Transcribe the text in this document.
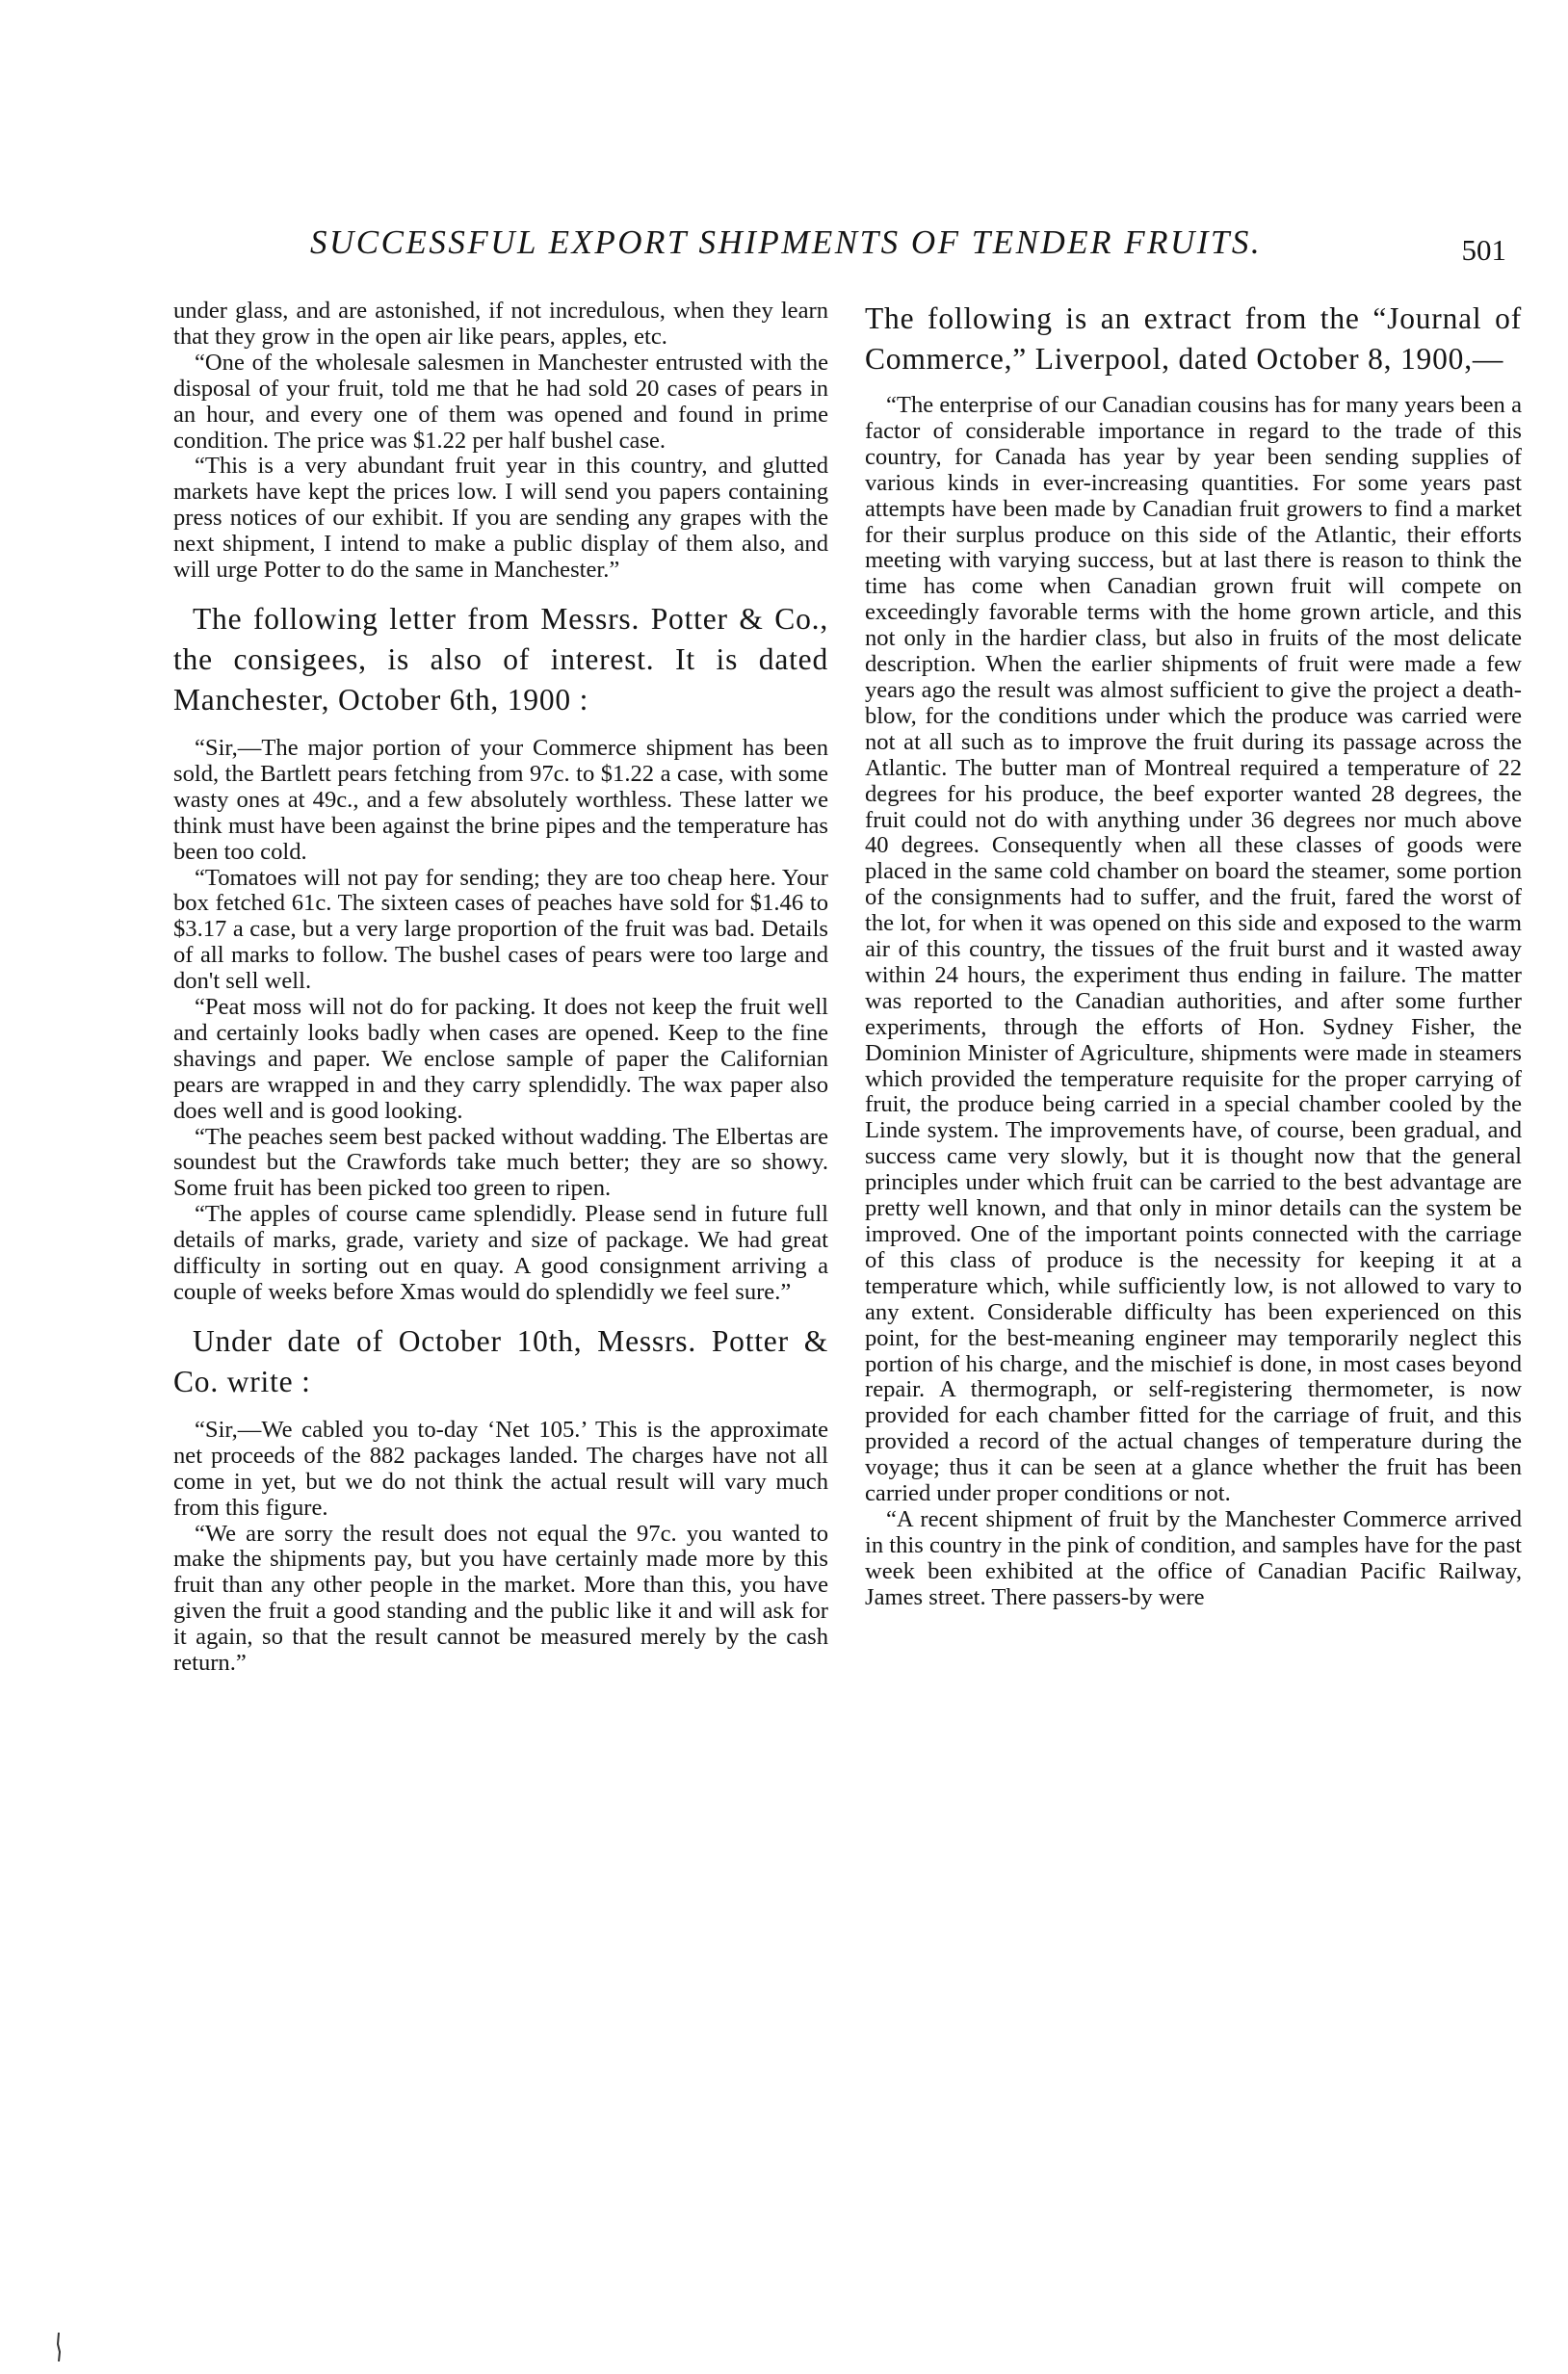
SUCCESSFUL EXPORT SHIPMENTS OF TENDER FRUITS.	501

under glass, and are astonished, if not incredulous, when they learn that they grow in the open air like pears, apples, etc.

“One of the wholesale salesmen in Manchester entrusted with the disposal of your fruit, told me that he had sold 20 cases of pears in an hour, and every one of them was opened and found in prime condition. The price was $1.22 per half bushel case.

“This is a very abundant fruit year in this country, and glutted markets have kept the prices low. I will send you papers containing press notices of our exhibit. If you are sending any grapes with the next shipment, I intend to make a public display of them also, and will urge Potter to do the same in Manchester.”

The following letter from Messrs. Potter & Co., the consigees, is also of interest. It is dated Manchester, October 6th, 1900 :

“Sir,—The major portion of your Commerce shipment has been sold, the Bartlett pears fetching from 97c. to $1.22 a case, with some wasty ones at 49c., and a few absolutely worthless. These latter we think must have been against the brine pipes and the temperature has been too cold.

“Tomatoes will not pay for sending; they are too cheap here. Your box fetched 61c. The sixteen cases of peaches have sold for $1.46 to $3.17 a case, but a very large proportion of the fruit was bad. Details of all marks to follow. The bushel cases of pears were too large and don't sell well.

“Peat moss will not do for packing. It does not keep the fruit well and certainly looks badly when cases are opened. Keep to the fine shavings and paper. We enclose sample of paper the Californian pears are wrapped in and they carry splendidly. The wax paper also does well and is good looking.

“The peaches seem best packed without wadding. The Elbertas are soundest but the Crawfords take much better; they are so showy. Some fruit has been picked too green to ripen.

“The apples of course came splendidly. Please send in future full details of marks, grade, variety and size of package. We had great difficulty in sorting out en quay. A good consignment arriving a couple of weeks before Xmas would do splendidly we feel sure.”

Under date of October 10th, Messrs. Potter & Co. write :

“Sir,—We cabled you to-day ‘Net 105.’ This is the approximate net proceeds of the 882 packages landed. The charges have not all come in yet, but we do not think the actual result will vary much from this figure.

“We are sorry the result does not equal the 97c. you wanted to make the shipments pay, but you have certainly made more by this fruit than any other people in the market. More than this, you have given the fruit a good standing and the public like it and will ask for it again, so that the result cannot be measured merely by the cash return.”

The following is an extract from the “Journal of Commerce,” Liverpool, dated October 8, 1900,—

“The enterprise of our Canadian cousins has for many years been a factor of considerable importance in regard to the trade of this country, for Canada has year by year been sending supplies of various kinds in ever-increasing quantities. For some years past attempts have been made by Canadian fruit growers to find a market for their surplus produce on this side of the Atlantic, their efforts meeting with varying success, but at last there is reason to think the time has come when Canadian grown fruit will compete on exceedingly favorable terms with the home grown article, and this not only in the hardier class, but also in fruits of the most delicate description. When the earlier shipments of fruit were made a few years ago the result was almost sufficient to give the project a death-blow, for the conditions under which the produce was carried were not at all such as to improve the fruit during its passage across the Atlantic. The butter man of Montreal required a temperature of 22 degrees for his produce, the beef exporter wanted 28 degrees, the fruit could not do with anything under 36 degrees nor much above 40 degrees. Consequently when all these classes of goods were placed in the same cold chamber on board the steamer, some portion of the consignments had to suffer, and the fruit, fared the worst of the lot, for when it was opened on this side and exposed to the warm air of this country, the tissues of the fruit burst and it wasted away within 24 hours, the experiment thus ending in failure. The matter was reported to the Canadian authorities, and after some further experiments, through the efforts of Hon. Sydney Fisher, the Dominion Minister of Agriculture, shipments were made in steamers which provided the temperature requisite for the proper carrying of fruit, the produce being carried in a special chamber cooled by the Linde system. The improvements have, of course, been gradual, and success came very slowly, but it is thought now that the general principles under which fruit can be carried to the best advantage are pretty well known, and that only in minor details can the system be improved. One of the important points connected with the carriage of this class of produce is the necessity for keeping it at a temperature which, while sufficiently low, is not allowed to vary to any extent. Considerable difficulty has been experienced on this point, for the best-meaning engineer may temporarily neglect this portion of his charge, and the mischief is done, in most cases beyond repair. A thermograph, or self-registering thermometer, is now provided for each chamber fitted for the carriage of fruit, and this provided a record of the actual changes of temperature during the voyage; thus it can be seen at a glance whether the fruit has been carried under proper conditions or not.

“A recent shipment of fruit by the Manchester Commerce arrived in this country in the pink of condition, and samples have for the past week been exhibited at the office of Canadian Pacific Railway, James street. There passers-by were
